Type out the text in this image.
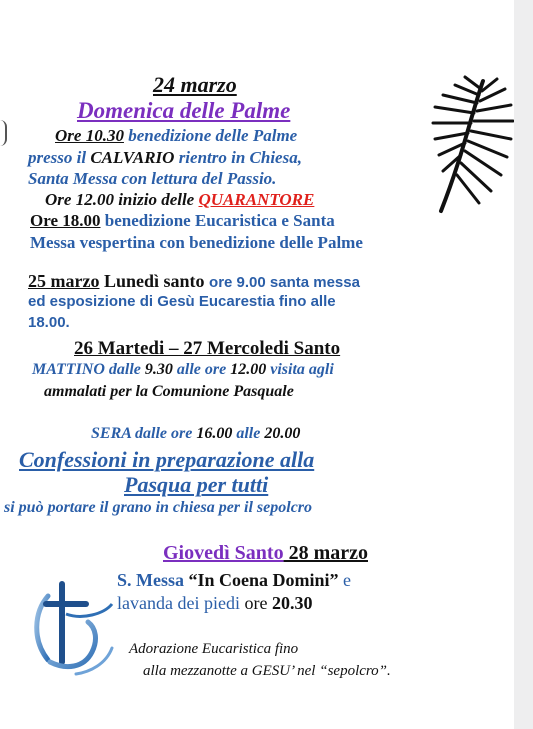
24 marzo
Domenica delle Palme
Ore 10.30 benedizione delle Palme
presso il CALVARIO rientro in Chiesa,
Santa Messa con lettura del Passio.
Ore 12.00 inizio delle QUARANTORE
Ore 18.00 benedizione Eucaristica e Santa
Messa vespertina con benedizione delle Palme
25 marzo Lunedì santo ore 9.00 santa messa
ed esposizione di Gesù Eucarestia fino alle
18.00.
26 Martedi – 27 Mercoledi Santo
MATTINO dalle 9.30 alle ore 12.00 visita agli
ammalati per la Comunione Pasquale
SERA dalle ore 16.00 alle 20.00
Confessioni in preparazione alla
Pasqua per tutti
si può portare il grano in chiesa per il sepolcro
Giovedì Santo 28 marzo
S. Messa “In Coena Domini” e
lavanda dei piedi ore 20.30
Adorazione Eucaristica fino
alla mezzanotte a GESU’ nel “sepolcro”.
